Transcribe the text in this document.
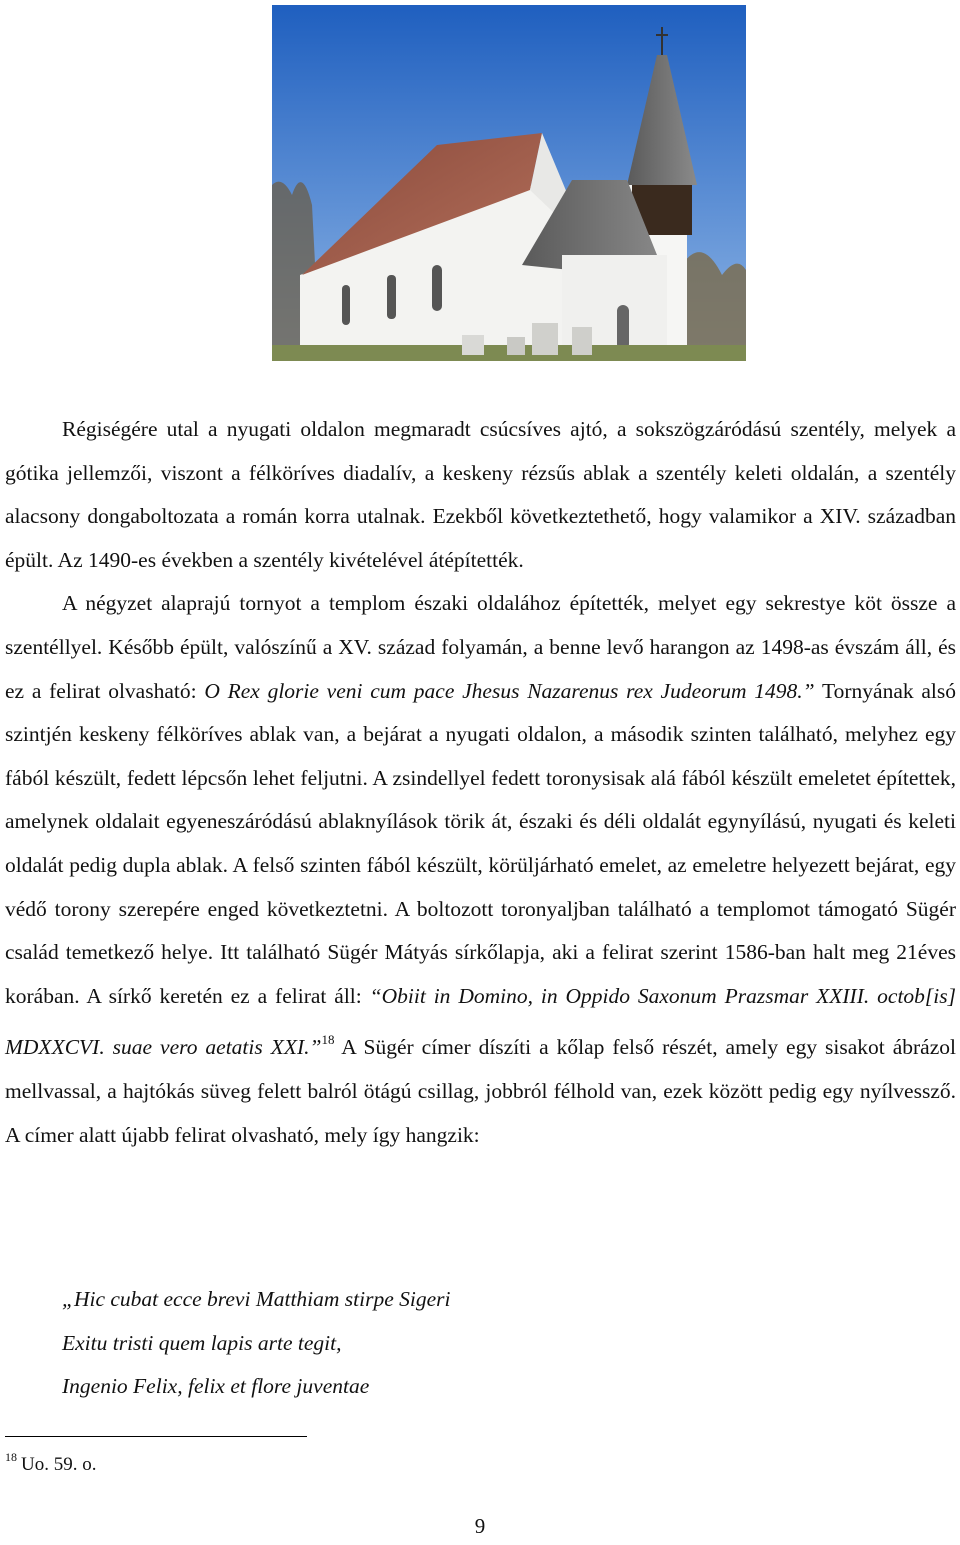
Régiségére utal a nyugati oldalon megmaradt csúcsíves ajtó, a sokszögzáródású szentély, melyek a gótika jellemzői, viszont a félköríves diadalív, a keskeny rézsűs ablak a szentély keleti oldalán, a szentély alacsony dongaboltozata a román korra utalnak. Ezekből következtethető, hogy valamikor a XIV. században épült. Az 1490-es években a szentély kivételével átépítették.

A négyzet alaprajú tornyot a templom északi oldalához építették, melyet egy sekrestye köt össze a szentéllyel. Később épült, valószínű a XV. század folyamán, a benne levő harangon az 1498-as évszám áll, és ez a felirat olvasható: O Rex glorie veni cum pace Jhesus Nazarenus rex Judeorum 1498.” Tornyának alsó szintjén keskeny félköríves ablak van, a bejárat a nyugati oldalon, a második szinten található, melyhez egy fából készült, fedett lépcsőn lehet feljutni. A zsindellyel fedett toronysisak alá fából készült emeletet építettek, amelynek oldalait egyeneszáródású ablaknyílások törik át, északi és déli oldalát egynyílású, nyugati és keleti oldalát pedig dupla ablak. A felső szinten fából készült, körüljárható emelet, az emeletre helyezett bejárat, egy védő torony szerepére enged következtetni. A boltozott toronyaljban található a templomot támogató Sügér család temetkező helye. Itt található Sügér Mátyás sírkőlapja, aki a felirat szerint 1586-ban halt meg 21éves korában. A sírkő keretén ez a felirat áll: “Obiit in Domino, in Oppido Saxonum Prazsmar XXIII. octob[is] MDXXCVI. suae vero aetatis XXI.”$^{18}$ A Sügér címer díszíti a kőlap felső részét, amely egy sisakot ábrázol mellvassal, a hajtókás süveg felett balról ötágú csillag, jobbról félhold van, ezek között pedig egy nyílvessző. A címer alatt újabb felirat olvasható, mely így hangzik:

„Hic cubat ecce brevi Matthiam stirpe Sigeri
Exitu tristi quem lapis arte tegit,
Ingenio Felix, felix et flore juventae
$^{18}$ Uo. 59. o.
9
